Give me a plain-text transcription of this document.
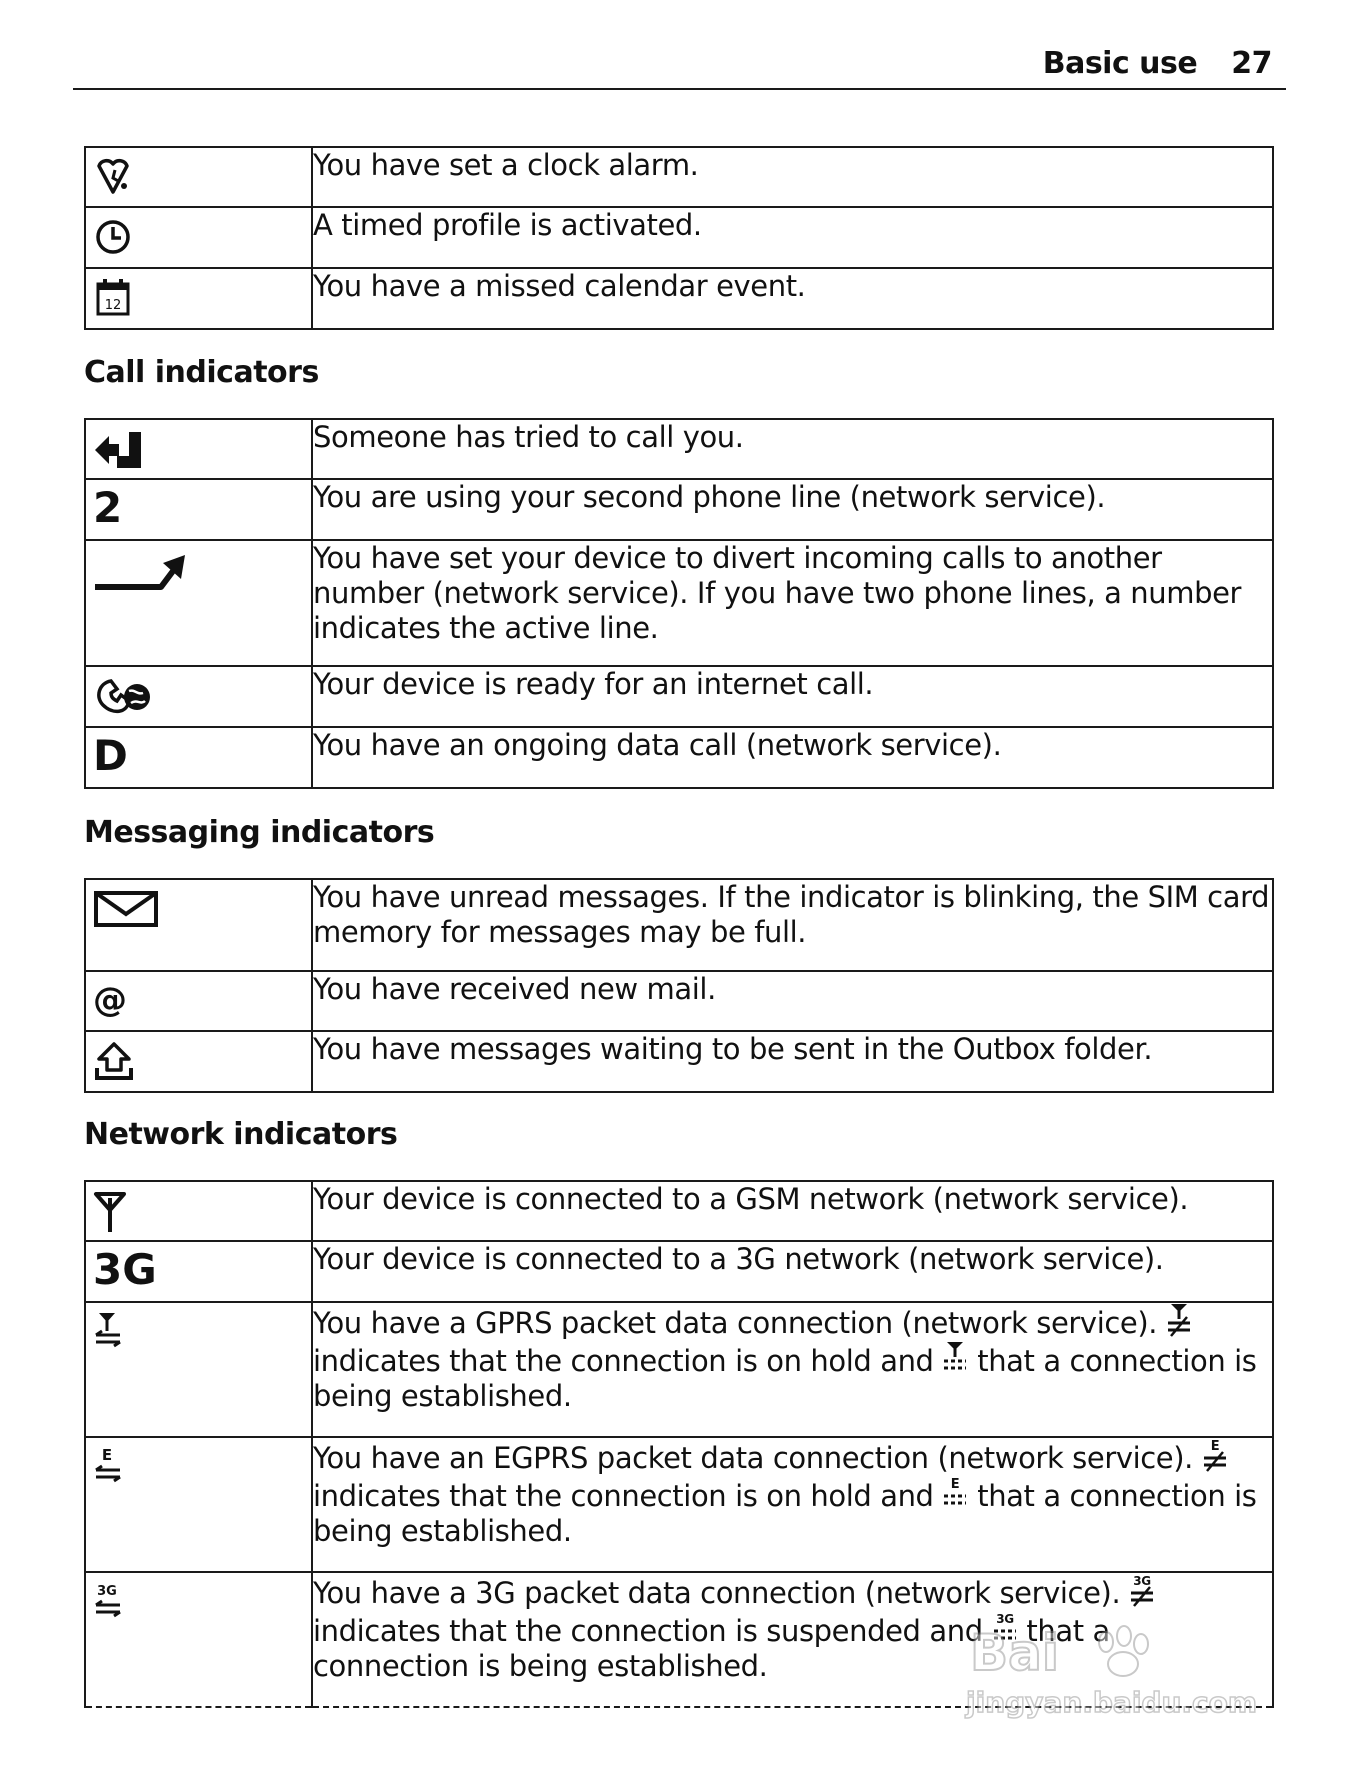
Basic use 27
	You have set a clock alarm.

	A timed profile is activated.

12	You have a missed calendar event.
Call indicators
	Someone has tried to call you.

2	You are using your second phone line (network service).

	You have set your device to divert incoming calls to another number (network service). If you have two phone lines, a number indicates the active line.

	Your device is ready for an internet call.

D	You have an ongoing data call (network service).
Messaging indicators
	You have unread messages. If the indicator is blinking, the SIM card memory for messages may be full.

@	You have received new mail.

	You have messages waiting to be sent in the Outbox folder.
Network indicators
	Your device is connected to a GSM network (network service).

3G	Your device is connected to a 3G network (network service).

	You have a GPRS packet data connection (network service).  indicates that the connection is on hold and that a connection is being established.

E	You have an EGPRS packet data connection (network service). E
indicates that the connection is on hold and E that a connection is being established.

3G	You have a 3G packet data connection (network service). 3G
indicates that the connection is suspended and 3G that a connection is being established.	Bai
jingyan.baidu.com
